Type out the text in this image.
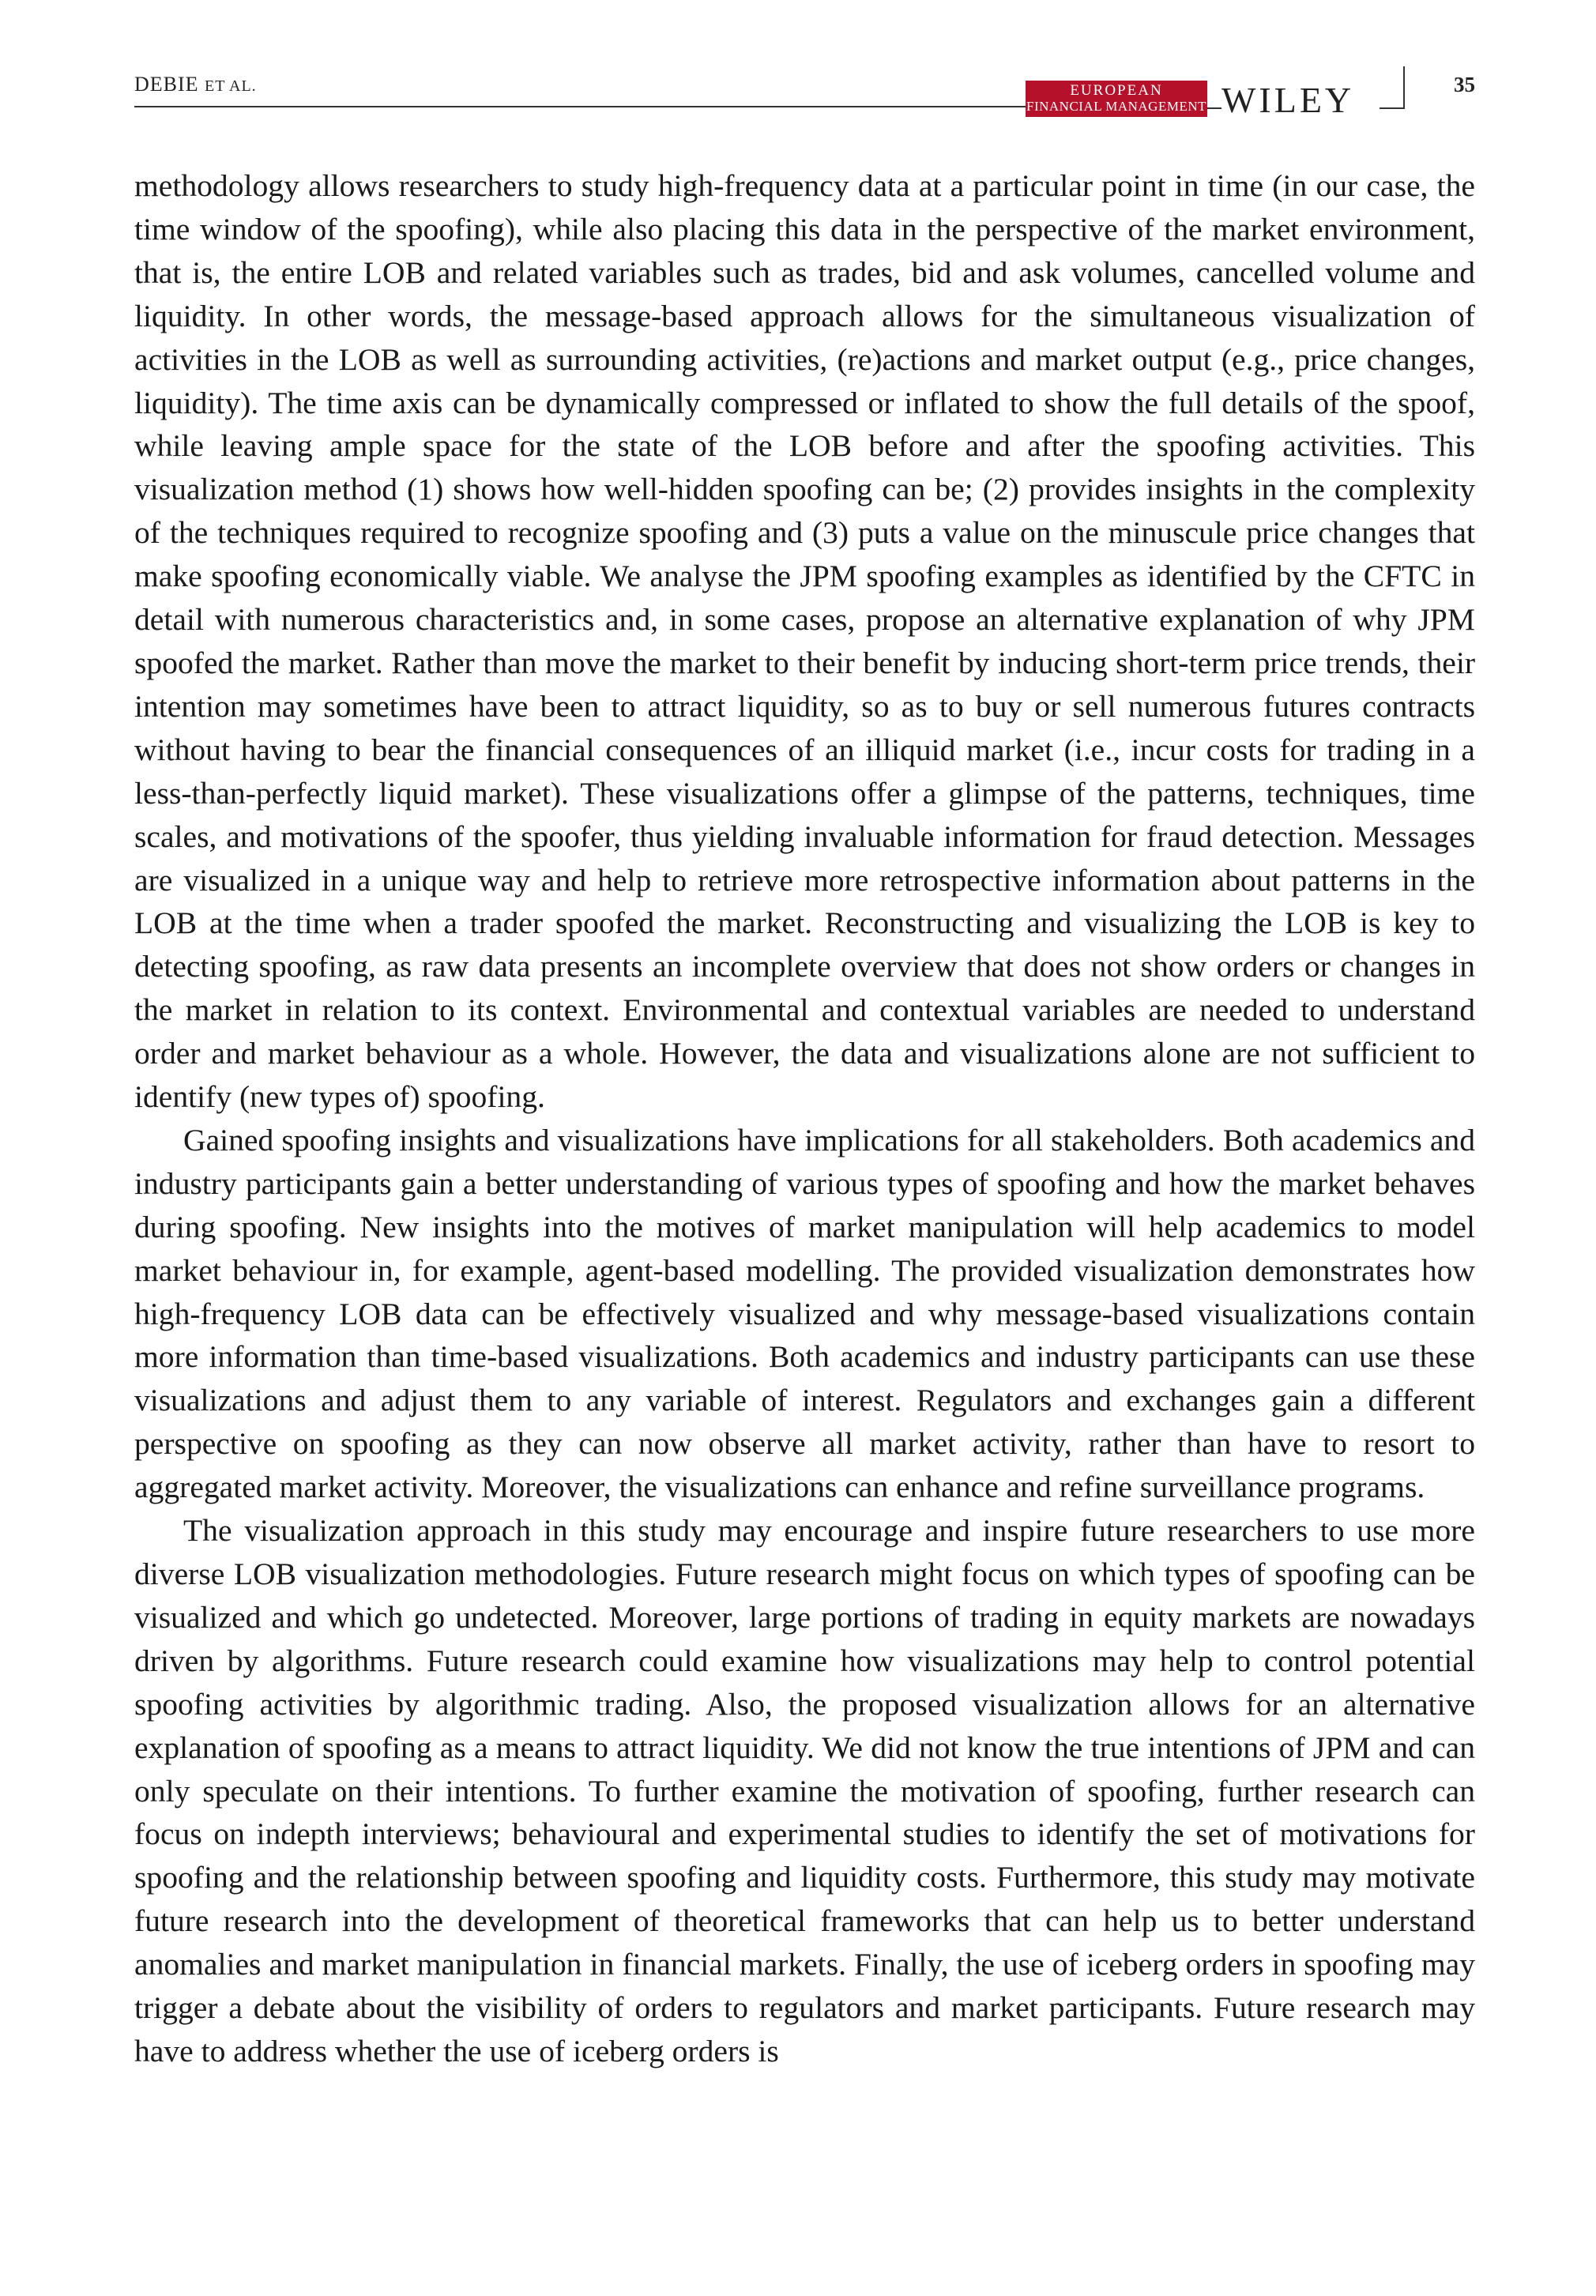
DEBIE ET AL.	EUROPEAN
FINANCIAL MANAGEMENT WILEY	35

methodology allows researchers to study high-frequency data at a particular point in time (in our case, the time window of the spoofing), while also placing this data in the perspective of the market environment, that is, the entire LOB and related variables such as trades, bid and ask volumes, cancelled volume and liquidity. In other words, the message-based approach allows for the simultaneous visualization of activities in the LOB as well as surrounding activities, (re)actions and market output (e.g., price changes, liquidity). The time axis can be dynamically compressed or inflated to show the full details of the spoof, while leaving ample space for the state of the LOB before and after the spoofing activities. This visualization method (1) shows how well-hidden spoofing can be; (2) provides insights in the complexity of the techniques required to recognize spoofing and (3) puts a value on the minuscule price changes that make spoofing economically viable. We analyse the JPM spoofing examples as identified by the CFTC in detail with numerous characteristics and, in some cases, propose an alternative explanation of why JPM spoofed the market. Rather than move the market to their benefit by inducing short-term price trends, their intention may sometimes have been to attract liquidity, so as to buy or sell numerous futures contracts without having to bear the financial consequences of an illiquid market (i.e., incur costs for trading in a less-than-perfectly liquid market). These visualizations offer a glimpse of the patterns, techniques, time scales, and motivations of the spoofer, thus yielding invaluable information for fraud detection. Messages are visualized in a unique way and help to retrieve more retrospective information about patterns in the LOB at the time when a trader spoofed the market. Reconstructing and visualizing the LOB is key to detecting spoofing, as raw data presents an incomplete overview that does not show orders or changes in the market in relation to its context. Environmental and contextual variables are needed to understand order and market behaviour as a whole. However, the data and visualizations alone are not sufficient to identify (new types of) spoofing.

Gained spoofing insights and visualizations have implications for all stakeholders. Both academics and industry participants gain a better understanding of various types of spoofing and how the market behaves during spoofing. New insights into the motives of market manipulation will help academics to model market behaviour in, for example, agent-based modelling. The provided visualization demonstrates how high-frequency LOB data can be effectively visualized and why message-based visualizations contain more information than time-based visualizations. Both academics and industry participants can use these visualizations and adjust them to any variable of interest. Regulators and exchanges gain a different perspective on spoofing as they can now observe all market activity, rather than have to resort to aggregated market activity. Moreover, the visualizations can enhance and refine surveillance programs.

The visualization approach in this study may encourage and inspire future researchers to use more diverse LOB visualization methodologies. Future research might focus on which types of spoofing can be visualized and which go undetected. Moreover, large portions of trading in equity markets are nowadays driven by algorithms. Future research could examine how visualizations may help to control potential spoofing activities by algorithmic trading. Also, the proposed visualization allows for an alternative explanation of spoofing as a means to attract liquidity. We did not know the true intentions of JPM and can only speculate on their intentions. To further examine the motivation of spoofing, further research can focus on indepth interviews; behavioural and experimental studies to identify the set of motivations for spoofing and the relationship between spoofing and liquidity costs. Furthermore, this study may motivate future research into the development of theoretical frameworks that can help us to better understand anomalies and market manipulation in financial markets. Finally, the use of iceberg orders in spoofing may trigger a debate about the visibility of orders to regulators and market participants. Future research may have to address whether the use of iceberg orders is
